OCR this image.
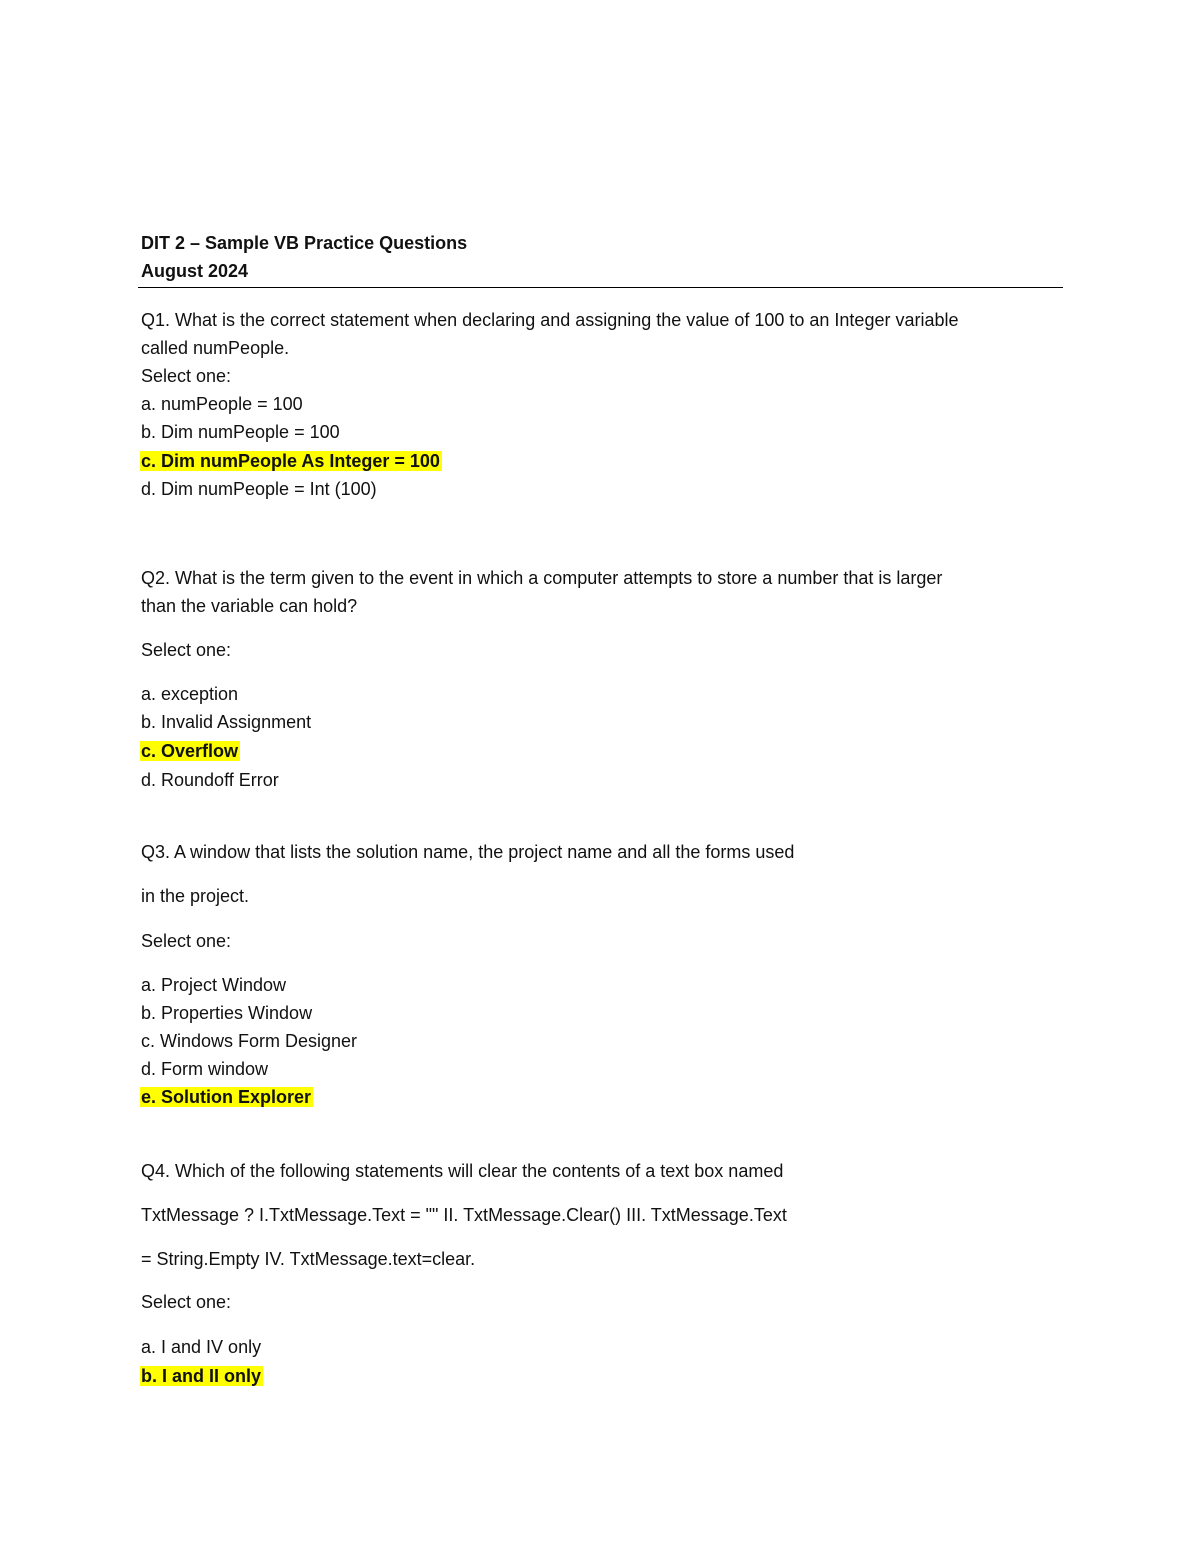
DIT 2 – Sample VB Practice Questions
August 2024
Q1. What is the correct statement when declaring and assigning the value of 100 to an Integer variable
called numPeople.
Select one:
a. numPeople = 100
b. Dim numPeople = 100
c. Dim numPeople As Integer = 100
d. Dim numPeople = Int (100)
Q2. What is the term given to the event in which a computer attempts to store a number that is larger
than the variable can hold?
Select one:
a. exception
b. Invalid Assignment
c. Overflow
d. Roundoff Error
Q3. A window that lists the solution name, the project name and all the forms used
in the project.
Select one:
a. Project Window
b. Properties Window
c. Windows Form Designer
d. Form window
e. Solution Explorer
Q4. Which of the following statements will clear the contents of a text box named
TxtMessage ? I.TxtMessage.Text = "" II. TxtMessage.Clear() III. TxtMessage.Text
= String.Empty IV. TxtMessage.text=clear.
Select one:
a. I and IV only
b. I and II only
